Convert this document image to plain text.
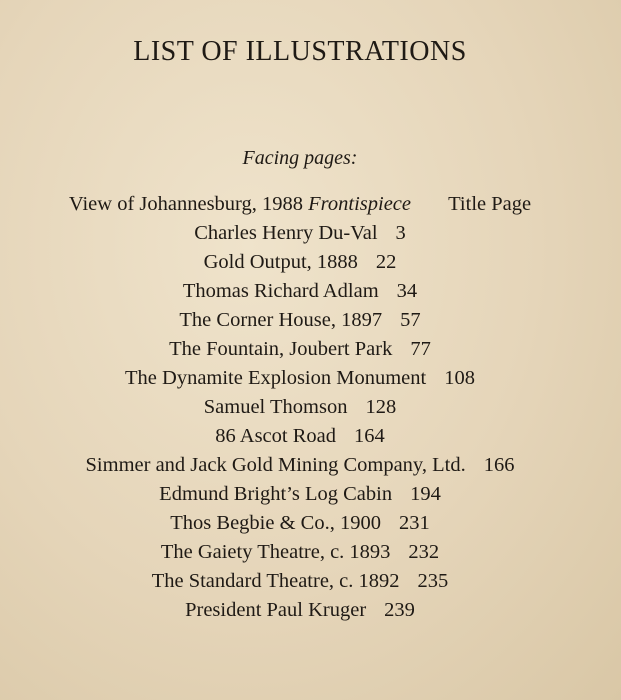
LIST OF ILLUSTRATIONS

Facing pages:

View of Johannesburg, 1988 Frontispiece Title Page
Charles Henry Du-Val 3
Gold Output, 1888 22
Thomas Richard Adlam 34
The Corner House, 1897 57
The Fountain, Joubert Park 77
The Dynamite Explosion Monument 108
Samuel Thomson 128
86 Ascot Road 164
Simmer and Jack Gold Mining Company, Ltd. 166
Edmund Bright’s Log Cabin 194
Thos Begbie & Co., 1900 231
The Gaiety Theatre, c. 1893 232
The Standard Theatre, c. 1892 235
President Paul Kruger 239
